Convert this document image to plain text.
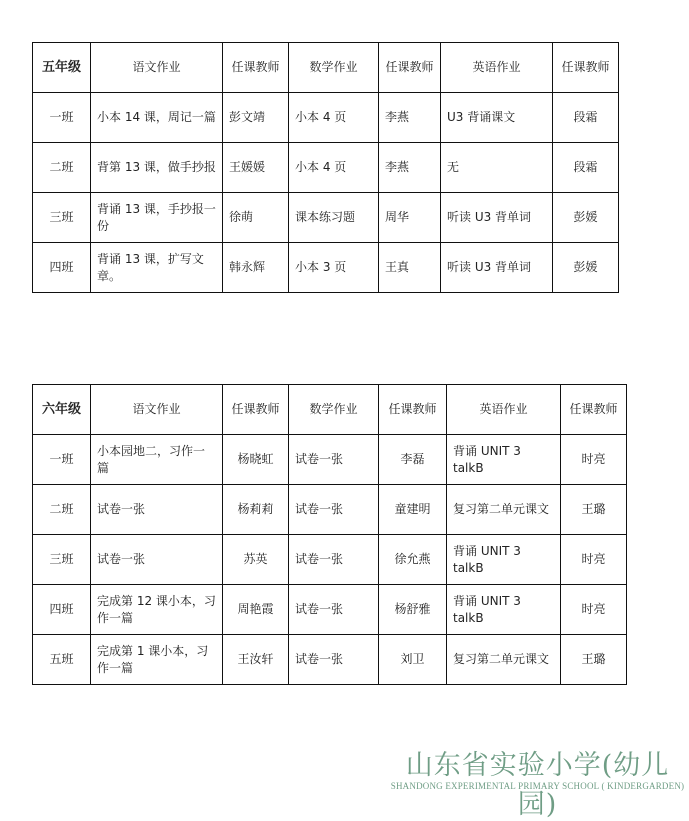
五年级	语文作业	任课教师	数学作业	任课教师	英语作业	任课教师
一班	小本 14 课，周记一篇	彭文靖	小本 4 页	李燕	U3 背诵课文	段霜
二班	背第 13 课，做手抄报	王媛媛	小本 4 页	李燕	无	段霜
三班	背诵 13 课，手抄报一份	徐萌	课本练习题	周华	听读 U3 背单词	彭媛
四班	背诵 13 课，扩写文章。	韩永辉	小本 3 页	王真	听读 U3 背单词	彭媛
六年级	语文作业	任课教师	数学作业	任课教师	英语作业	任课教师
一班	小本园地二，习作一篇	杨晓虹	试卷一张	李磊	背诵 UNIT 3 talkB	时亮
二班	试卷一张	杨莉莉	试卷一张	童建明	复习第二单元课文	王璐
三班	试卷一张	苏英	试卷一张	徐允燕	背诵 UNIT 3 talkB	时亮
四班	完成第 12 课小本，习作一篇	周艳霞	试卷一张	杨舒雅	背诵 UNIT 3 talkB	时亮
五班	完成第 1 课小本，习作一篇	王汝轩	试卷一张	刘卫	复习第二单元课文	王璐
山东省实验小学(幼儿园)
SHANDONG EXPERIMENTAL PRIMARY SCHOOL ( KINDERGARDEN)
